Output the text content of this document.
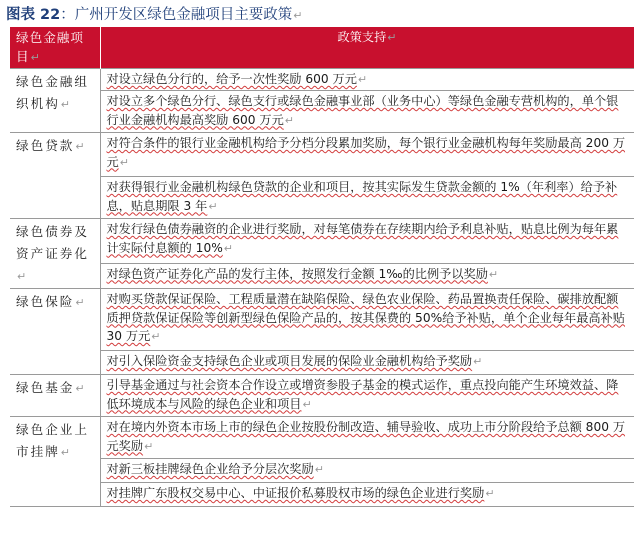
图表 22：广州开发区绿色金融项目主要政策↵
绿色金融项目↵	政策支持↵
绿色金融组织机构↵	对设立绿色分行的，给予一次性奖励 600 万元↵
	对设立多个绿色分行、绿色支行或绿色金融事业部（业务中心）等绿色金融专营机构的，单个银行业金融机构最高奖励 600 万元↵
绿色贷款↵	对符合条件的银行业金融机构给予分档分段累加奖励，每个银行业金融机构每年奖励最高 200 万元↵
	对获得银行业金融机构绿色贷款的企业和项目，按其实际发生贷款金额的 1%（年利率）给予补息，贴息期限 3 年↵
绿色债券及资产证券化↵	对发行绿色债券融资的企业进行奖励，对每笔债券在存续期内给予利息补贴，贴息比例为每年累计实际付息额的 10%↵
	对绿色资产证券化产品的发行主体，按照发行金额 1‰的比例予以奖励↵
绿色保险↵	对购买贷款保证保险、工程质量潜在缺陷保险、绿色农业保险、药品置换责任保险、碳排放配额质押贷款保证保险等创新型绿色保险产品的，按其保费的 50%给予补贴，单个企业每年最高补贴 30 万元↵
	对引入保险资金支持绿色企业或项目发展的保险业金融机构给予奖励↵
绿色基金↵	引导基金通过与社会资本合作设立或增资参股子基金的模式运作，重点投向能产生环境效益、降低环境成本与风险的绿色企业和项目↵
绿色企业上市挂牌↵	对在境内外资本市场上市的绿色企业按股份制改造、辅导验收、成功上市分阶段给予总额 800 万元奖励↵
	对新三板挂牌绿色企业给予分层次奖励↵
	对挂牌广东股权交易中心、中证报价私募股权市场的绿色企业进行奖励↵
